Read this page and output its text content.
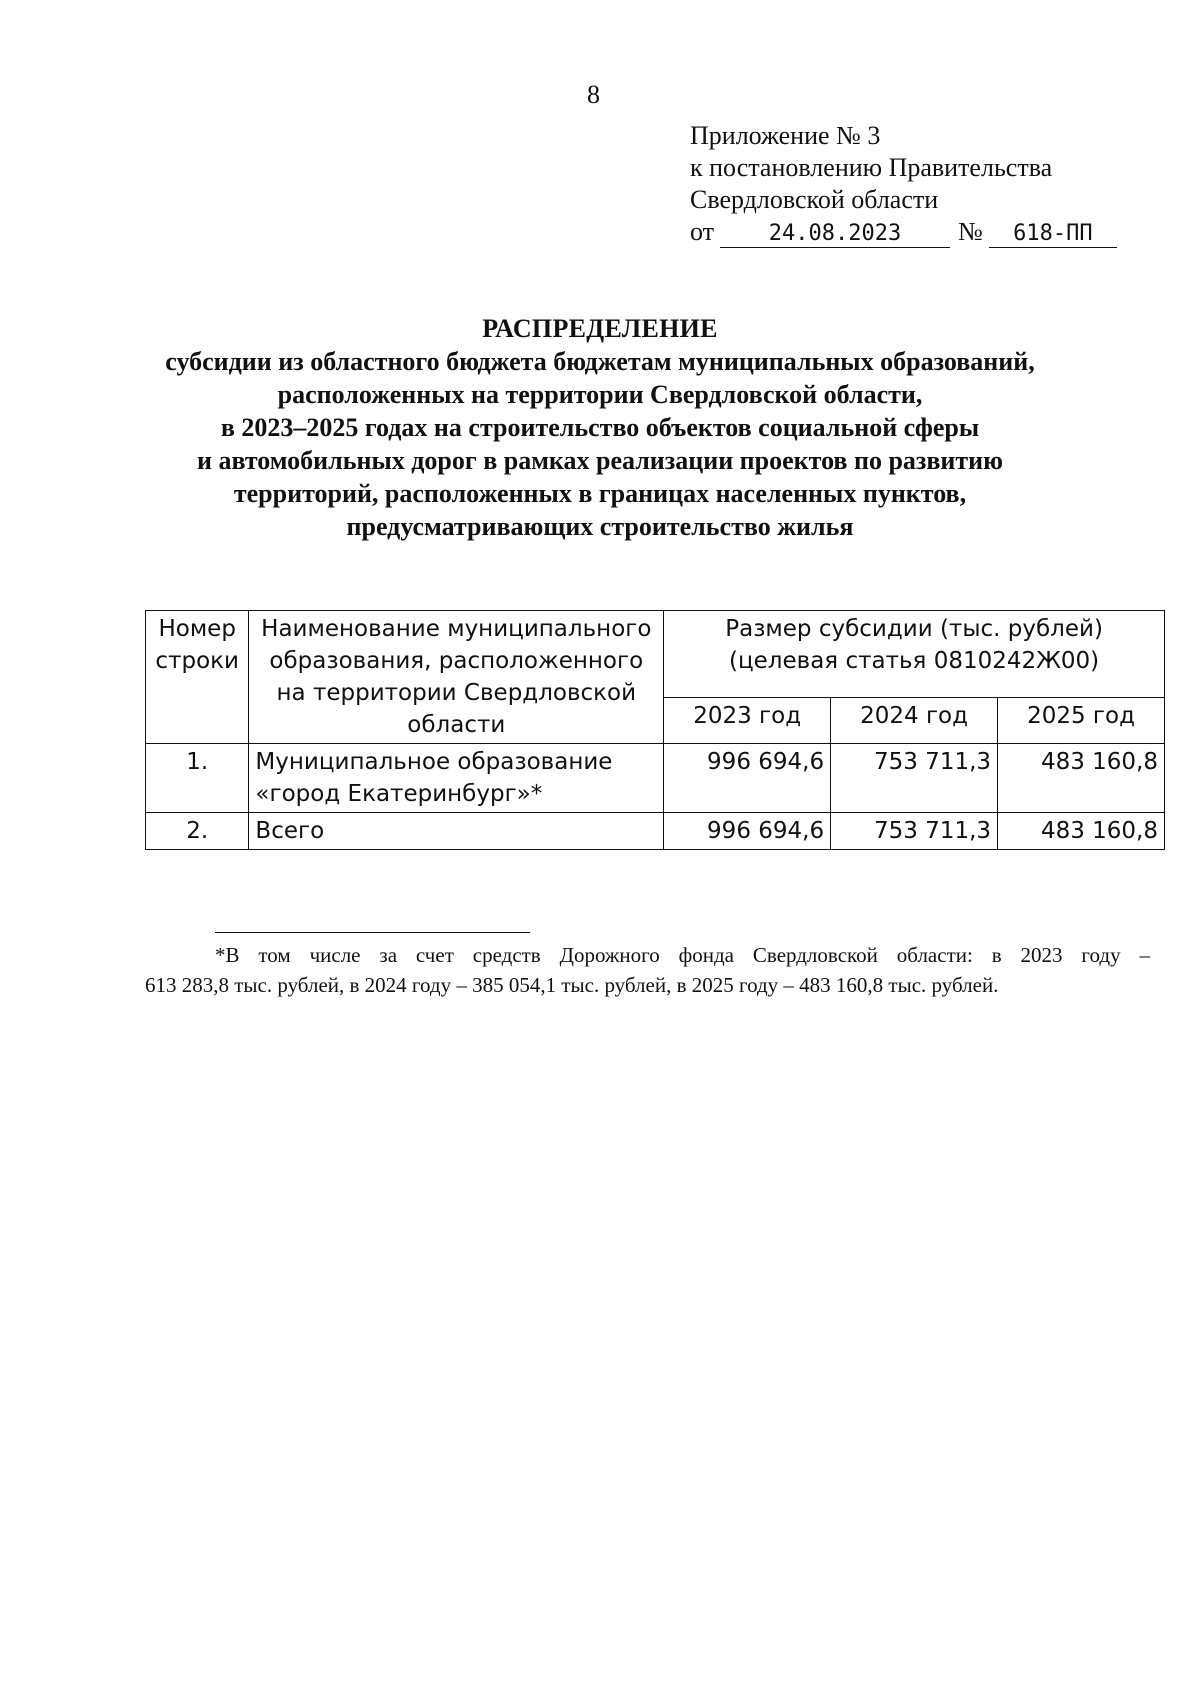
8
Приложение № 3
к постановлению Правительства
Свердловской области
от	24.08.2023	№	618-ПП
РАСПРЕДЕЛЕНИЕ
субсидии из областного бюджета бюджетам муниципальных образований,
расположенных на территории Свердловской области,
в 2023–2025 годах на строительство объектов социальной сферы
и автомобильных дорог в рамках реализации проектов по развитию
территорий, расположенных в границах населенных пунктов,
предусматривающих строительство жилья
Номер строки	Наименование муниципального образования, расположенного на территории Свердловской области	Размер субсидии (тыс. рублей) (целевая статья 0810242Ж00)		
		2023 год	2024 год	2025 год
1.	Муниципальное образование «город Екатеринбург»*	996 694,6	753 711,3	483 160,8
2.	Всего	996 694,6	753 711,3	483 160,8
*В том числе за счет средств Дорожного фонда Свердловской области: в 2023 году –
613 283,8 тыс. рублей, в 2024 году – 385 054,1 тыс. рублей, в 2025 году – 483 160,8 тыс. рублей.
